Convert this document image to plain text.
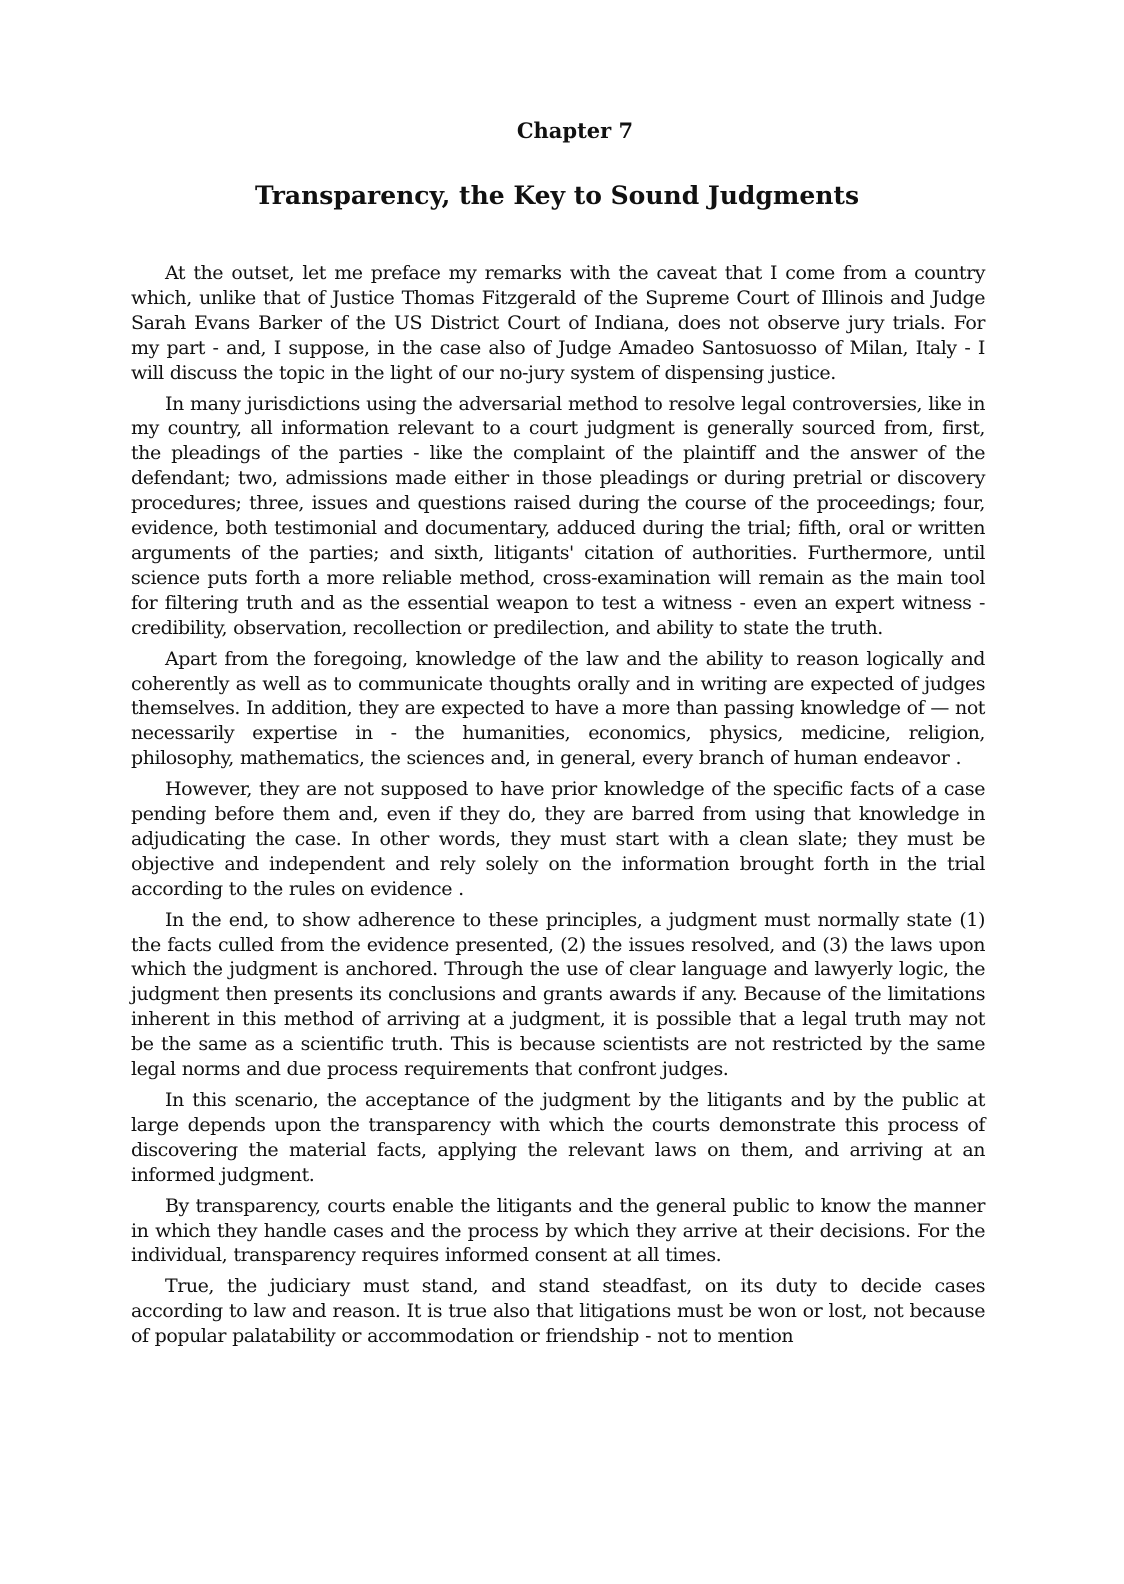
Chapter 7
Transparency, the Key to Sound Judgments

At the outset, let me preface my remarks with the caveat that I come from a country which, unlike that of Justice Thomas Fitzgerald of the Supreme Court of Illinois and Judge Sarah Evans Barker of the US District Court of Indiana, does not observe jury trials. For my part - and, I suppose, in the case also of Judge Amadeo Santosuosso of Milan, Italy - I will discuss the topic in the light of our no-jury system of dispensing justice.

In many jurisdictions using the adversarial method to resolve legal controversies, like in my country, all information relevant to a court judgment is generally sourced from, first, the pleadings of the parties - like the complaint of the plaintiff and the answer of the defendant; two, admissions made either in those pleadings or during pretrial or discovery procedures; three, issues and questions raised during the course of the proceedings; four, evidence, both testimonial and documentary, adduced during the trial; fifth, oral or written arguments of the parties; and sixth, litigants' citation of authorities. Furthermore, until science puts forth a more reliable method, cross-examination will remain as the main tool for filtering truth and as the essential weapon to test a witness - even an expert witness - credibility, observation, recollection or predilection, and ability to state the truth.

Apart from the foregoing, knowledge of the law and the ability to reason logically and coherently as well as to communicate thoughts orally and in writing are expected of judges themselves. In addition, they are expected to have a more than passing knowledge of — not necessarily expertise in - the humanities, economics, physics, medicine, religion, philosophy, mathematics, the sciences and, in general, every branch of human endeavor .

However, they are not supposed to have prior knowledge of the specific facts of a case pending before them and, even if they do, they are barred from using that knowledge in adjudicating the case. In other words, they must start with a clean slate; they must be objective and independent and rely solely on the information brought forth in the trial according to the rules on evidence .

In the end, to show adherence to these principles, a judgment must normally state (1) the facts culled from the evidence presented, (2) the issues resolved, and (3) the laws upon which the judgment is anchored. Through the use of clear language and lawyerly logic, the judgment then presents its conclusions and grants awards if any. Because of the limitations inherent in this method of arriving at a judgment, it is possible that a legal truth may not be the same as a scientific truth. This is because scientists are not restricted by the same legal norms and due process requirements that confront judges.

In this scenario, the acceptance of the judgment by the litigants and by the public at large depends upon the transparency with which the courts demonstrate this process of discovering the material facts, applying the relevant laws on them, and arriving at an informed judgment.

By transparency, courts enable the litigants and the general public to know the manner in which they handle cases and the process by which they arrive at their decisions. For the individual, transparency requires informed consent at all times.

True, the judiciary must stand, and stand steadfast, on its duty to decide cases according to law and reason. It is true also that litigations must be won or lost, not because of popular palatability or accommodation or friendship - not to mention
